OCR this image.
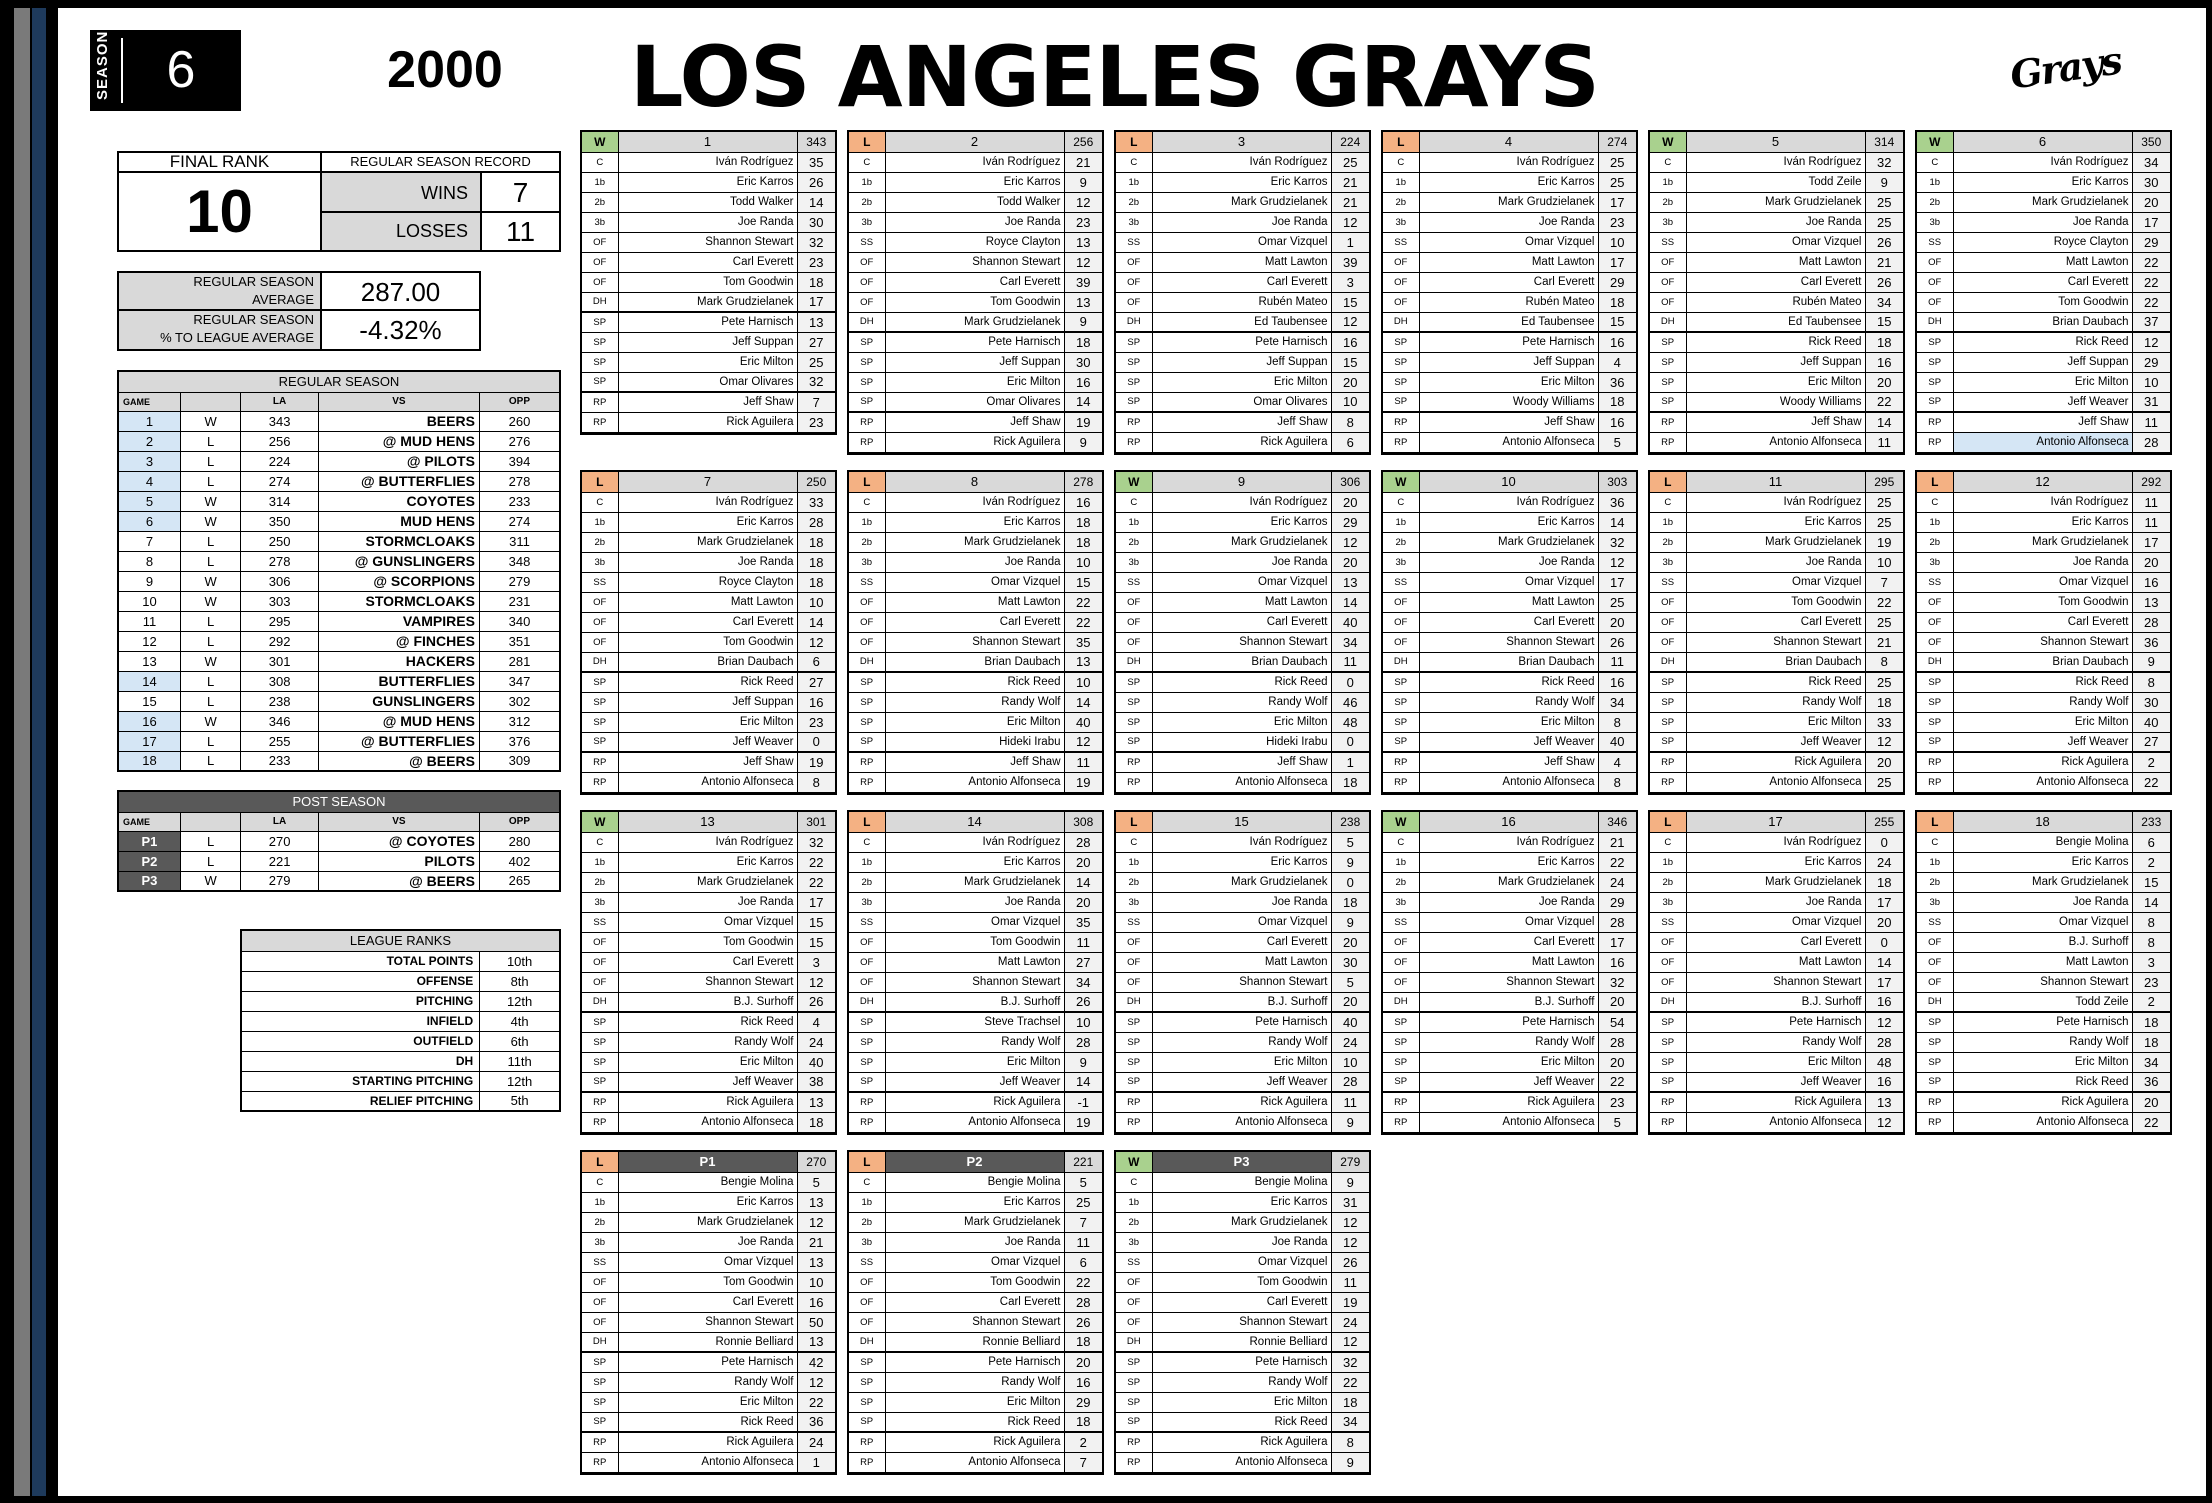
SEASON	6	2000 LOS ANGELES GRAYS	Grays
FINAL RANK
10
REGULAR SEASON RECORD
WINS	7
LOSSES	11
REGULAR SEASON
AVERAGE	287.00
REGULAR SEASON
% TO LEAGUE AVERAGE	-4.32%
REGULAR SEASON				
GAME		LA	VS	OPP
1	W	343	BEERS	260
2	L	256	@ MUD HENS	276
3	L	224	@ PILOTS	394
4	L	274	@ BUTTERFLIES	278
5	W	314	COYOTES	233
6	W	350	MUD HENS	274
7	L	250	STORMCLOAKS	311
8	L	278	@ GUNSLINGERS	348
9	W	306	@ SCORPIONS	279
10	W	303	STORMCLOAKS	231
11	L	295	VAMPIRES	340
12	L	292	@ FINCHES	351
13	W	301	HACKERS	281
14	L	308	BUTTERFLIES	347
15	L	238	GUNSLINGERS	302
16	W	346	@ MUD HENS	312
17	L	255	@ BUTTERFLIES	376
18	L	233	@ BEERS	309
POST SEASON				
GAME		LA	VS	OPP
P1	L	270	@ COYOTES	280
P2	L	221	PILOTS	402
P3	W	279	@ BEERS	265
LEAGUE RANKS	
TOTAL POINTS	10th
OFFENSE	8th
PITCHING	12th
INFIELD	4th
OUTFIELD	6th
DH	11th
STARTING PITCHING	12th
RELIEF PITCHING	5th
W	1	343
C	Iván Rodríguez	35
1b	Eric Karros	26
2b	Todd Walker	14
3b	Joe Randa	30
OF	Shannon Stewart	32
OF	Carl Everett	23
OF	Tom Goodwin	18
DH	Mark Grudzielanek	17
SP	Pete Harnisch	13
SP	Jeff Suppan	27
SP	Eric Milton	25
SP	Omar Olivares	32
RP	Jeff Shaw	7
RP	Rick Aguilera	23
L	2	256
C	Iván Rodríguez	21
1b	Eric Karros	9
2b	Todd Walker	12
3b	Joe Randa	23
SS	Royce Clayton	13
OF	Shannon Stewart	12
OF	Carl Everett	39
OF	Tom Goodwin	13
DH	Mark Grudzielanek	9
SP	Pete Harnisch	18
SP	Jeff Suppan	30
SP	Eric Milton	16
SP	Omar Olivares	14
RP	Jeff Shaw	19
RP	Rick Aguilera	9
L	3	224
C	Iván Rodríguez	25
1b	Eric Karros	21
2b	Mark Grudzielanek	21
3b	Joe Randa	12
SS	Omar Vizquel	1
OF	Matt Lawton	39
OF	Carl Everett	3
OF	Rubén Mateo	15
DH	Ed Taubensee	12
SP	Pete Harnisch	16
SP	Jeff Suppan	15
SP	Eric Milton	20
SP	Omar Olivares	10
RP	Jeff Shaw	8
RP	Rick Aguilera	6
L	4	274
C	Iván Rodríguez	25
1b	Eric Karros	25
2b	Mark Grudzielanek	17
3b	Joe Randa	23
SS	Omar Vizquel	10
OF	Matt Lawton	17
OF	Carl Everett	29
OF	Rubén Mateo	18
DH	Ed Taubensee	15
SP	Pete Harnisch	16
SP	Jeff Suppan	4
SP	Eric Milton	36
SP	Woody Williams	18
RP	Jeff Shaw	16
RP	Antonio Alfonseca	5
W	5	314
C	Iván Rodríguez	32
1b	Todd Zeile	9
2b	Mark Grudzielanek	25
3b	Joe Randa	25
SS	Omar Vizquel	26
OF	Matt Lawton	21
OF	Carl Everett	26
OF	Rubén Mateo	34
DH	Ed Taubensee	15
SP	Rick Reed	18
SP	Jeff Suppan	16
SP	Eric Milton	20
SP	Woody Williams	22
RP	Jeff Shaw	14
RP	Antonio Alfonseca	11
W	6	350
C	Iván Rodríguez	34
1b	Eric Karros	30
2b	Mark Grudzielanek	20
3b	Joe Randa	17
SS	Royce Clayton	29
OF	Matt Lawton	22
OF	Carl Everett	22
OF	Tom Goodwin	22
DH	Brian Daubach	37
SP	Rick Reed	12
SP	Jeff Suppan	29
SP	Eric Milton	10
SP	Jeff Weaver	31
RP	Jeff Shaw	11
RP	Antonio Alfonseca	28
L	7	250
C	Iván Rodríguez	33
1b	Eric Karros	28
2b	Mark Grudzielanek	18
3b	Joe Randa	18
SS	Royce Clayton	18
OF	Matt Lawton	10
OF	Carl Everett	14
OF	Tom Goodwin	12
DH	Brian Daubach	6
SP	Rick Reed	27
SP	Jeff Suppan	16
SP	Eric Milton	23
SP	Jeff Weaver	0
RP	Jeff Shaw	19
RP	Antonio Alfonseca	8
L	8	278
C	Iván Rodríguez	16
1b	Eric Karros	18
2b	Mark Grudzielanek	18
3b	Joe Randa	10
SS	Omar Vizquel	15
OF	Matt Lawton	22
OF	Carl Everett	22
OF	Shannon Stewart	35
DH	Brian Daubach	13
SP	Rick Reed	10
SP	Randy Wolf	14
SP	Eric Milton	40
SP	Hideki Irabu	12
RP	Jeff Shaw	11
RP	Antonio Alfonseca	19
W	9	306
C	Iván Rodríguez	20
1b	Eric Karros	29
2b	Mark Grudzielanek	12
3b	Joe Randa	20
SS	Omar Vizquel	13
OF	Matt Lawton	14
OF	Carl Everett	40
OF	Shannon Stewart	34
DH	Brian Daubach	11
SP	Rick Reed	0
SP	Randy Wolf	46
SP	Eric Milton	48
SP	Hideki Irabu	0
RP	Jeff Shaw	1
RP	Antonio Alfonseca	18
W	10	303
C	Iván Rodríguez	36
1b	Eric Karros	14
2b	Mark Grudzielanek	32
3b	Joe Randa	12
SS	Omar Vizquel	17
OF	Matt Lawton	25
OF	Carl Everett	20
OF	Shannon Stewart	26
DH	Brian Daubach	11
SP	Rick Reed	16
SP	Randy Wolf	34
SP	Eric Milton	8
SP	Jeff Weaver	40
RP	Jeff Shaw	4
RP	Antonio Alfonseca	8
L	11	295
C	Iván Rodríguez	25
1b	Eric Karros	25
2b	Mark Grudzielanek	19
3b	Joe Randa	10
SS	Omar Vizquel	7
OF	Tom Goodwin	22
OF	Carl Everett	25
OF	Shannon Stewart	21
DH	Brian Daubach	8
SP	Rick Reed	25
SP	Randy Wolf	18
SP	Eric Milton	33
SP	Jeff Weaver	12
RP	Rick Aguilera	20
RP	Antonio Alfonseca	25
L	12	292
C	Iván Rodríguez	11
1b	Eric Karros	11
2b	Mark Grudzielanek	17
3b	Joe Randa	20
SS	Omar Vizquel	16
OF	Tom Goodwin	13
OF	Carl Everett	28
OF	Shannon Stewart	36
DH	Brian Daubach	9
SP	Rick Reed	8
SP	Randy Wolf	30
SP	Eric Milton	40
SP	Jeff Weaver	27
RP	Rick Aguilera	2
RP	Antonio Alfonseca	22
W	13	301
C	Iván Rodríguez	32
1b	Eric Karros	22
2b	Mark Grudzielanek	22
3b	Joe Randa	17
SS	Omar Vizquel	15
OF	Tom Goodwin	15
OF	Carl Everett	3
OF	Shannon Stewart	12
DH	B.J. Surhoff	26
SP	Rick Reed	4
SP	Randy Wolf	24
SP	Eric Milton	40
SP	Jeff Weaver	38
RP	Rick Aguilera	13
RP	Antonio Alfonseca	18
L	14	308
C	Iván Rodríguez	28
1b	Eric Karros	20
2b	Mark Grudzielanek	14
3b	Joe Randa	20
SS	Omar Vizquel	35
OF	Tom Goodwin	11
OF	Matt Lawton	27
OF	Shannon Stewart	34
DH	B.J. Surhoff	26
SP	Steve Trachsel	10
SP	Randy Wolf	28
SP	Eric Milton	9
SP	Jeff Weaver	14
RP	Rick Aguilera	-1
RP	Antonio Alfonseca	19
L	15	238
C	Iván Rodríguez	5
1b	Eric Karros	9
2b	Mark Grudzielanek	0
3b	Joe Randa	18
SS	Omar Vizquel	9
OF	Carl Everett	20
OF	Matt Lawton	30
OF	Shannon Stewart	5
DH	B.J. Surhoff	20
SP	Pete Harnisch	40
SP	Randy Wolf	24
SP	Eric Milton	10
SP	Jeff Weaver	28
RP	Rick Aguilera	11
RP	Antonio Alfonseca	9
W	16	346
C	Iván Rodríguez	21
1b	Eric Karros	22
2b	Mark Grudzielanek	24
3b	Joe Randa	29
SS	Omar Vizquel	28
OF	Carl Everett	17
OF	Matt Lawton	16
OF	Shannon Stewart	32
DH	B.J. Surhoff	20
SP	Pete Harnisch	54
SP	Randy Wolf	28
SP	Eric Milton	20
SP	Jeff Weaver	22
RP	Rick Aguilera	23
RP	Antonio Alfonseca	5
L	17	255
C	Iván Rodríguez	0
1b	Eric Karros	24
2b	Mark Grudzielanek	18
3b	Joe Randa	17
SS	Omar Vizquel	20
OF	Carl Everett	0
OF	Matt Lawton	14
OF	Shannon Stewart	17
DH	B.J. Surhoff	16
SP	Pete Harnisch	12
SP	Randy Wolf	28
SP	Eric Milton	48
SP	Jeff Weaver	16
RP	Rick Aguilera	13
RP	Antonio Alfonseca	12
L	18	233
C	Bengie Molina	6
1b	Eric Karros	2
2b	Mark Grudzielanek	15
3b	Joe Randa	14
SS	Omar Vizquel	8
OF	B.J. Surhoff	8
OF	Matt Lawton	3
OF	Shannon Stewart	23
DH	Todd Zeile	2
SP	Pete Harnisch	18
SP	Randy Wolf	18
SP	Eric Milton	34
SP	Rick Reed	36
RP	Rick Aguilera	20
RP	Antonio Alfonseca	22
L	P1	270
C	Bengie Molina	5
1b	Eric Karros	13
2b	Mark Grudzielanek	12
3b	Joe Randa	21
SS	Omar Vizquel	13
OF	Tom Goodwin	10
OF	Carl Everett	16
OF	Shannon Stewart	50
DH	Ronnie Belliard	13
SP	Pete Harnisch	42
SP	Randy Wolf	12
SP	Eric Milton	22
SP	Rick Reed	36
RP	Rick Aguilera	24
RP	Antonio Alfonseca	1
L	P2	221
C	Bengie Molina	5
1b	Eric Karros	25
2b	Mark Grudzielanek	7
3b	Joe Randa	11
SS	Omar Vizquel	6
OF	Tom Goodwin	22
OF	Carl Everett	28
OF	Shannon Stewart	26
DH	Ronnie Belliard	18
SP	Pete Harnisch	20
SP	Randy Wolf	16
SP	Eric Milton	29
SP	Rick Reed	18
RP	Rick Aguilera	2
RP	Antonio Alfonseca	7
W	P3	279
C	Bengie Molina	9
1b	Eric Karros	31
2b	Mark Grudzielanek	12
3b	Joe Randa	12
SS	Omar Vizquel	26
OF	Tom Goodwin	11
OF	Carl Everett	19
OF	Shannon Stewart	24
DH	Ronnie Belliard	12
SP	Pete Harnisch	32
SP	Randy Wolf	22
SP	Eric Milton	18
SP	Rick Reed	34
RP	Rick Aguilera	8
RP	Antonio Alfonseca	9
